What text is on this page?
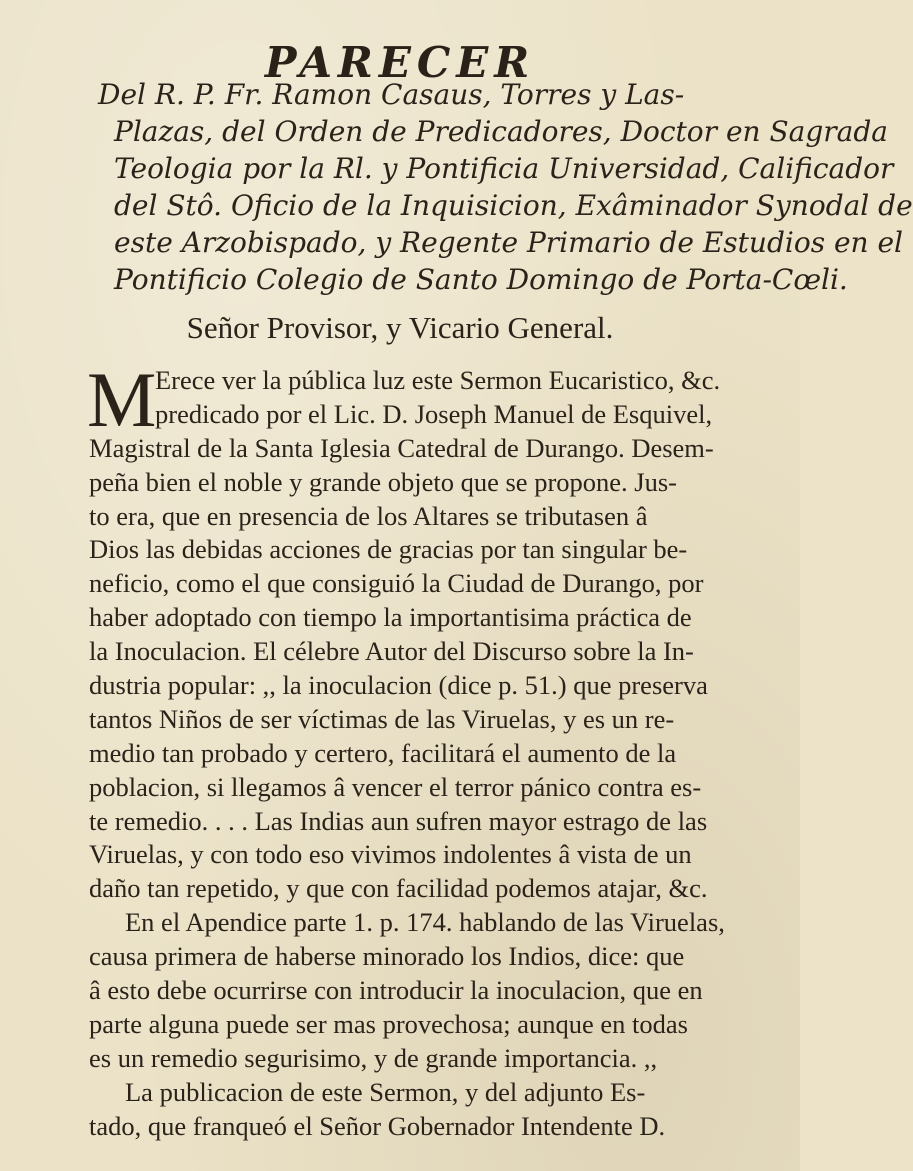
PARECER
Del R. P. Fr. Ramon Casaus, Torres y Las-
Plazas, del Orden de Predicadores, Doctor en Sagrada
Teologia por la Rl. y Pontificia Universidad, Calificador
del Stô. Oficio de la Inquisicion, Exâminador Synodal de
este Arzobispado, y Regente Primario de Estudios en el
Pontificio Colegio de Santo Domingo de Porta-Cœli.
Señor Provisor, y Vicario General.
M
Erece ver la pública luz este Sermon Eucaristico, &c.
predicado por el Lic. D. Joseph Manuel de Esquivel,
Magistral de la Santa Iglesia Catedral de Durango. Desem-
peña bien el noble y grande objeto que se propone. Jus-
to era, que en presencia de los Altares se tributasen â
Dios las debidas acciones de gracias por tan singular be-
neficio, como el que consiguió la Ciudad de Durango, por
haber adoptado con tiempo la importantisima práctica de
la Inoculacion. El célebre Autor del Discurso sobre la In-
dustria popular: ,, la inoculacion (dice p. 51.) que preserva
tantos Niños de ser víctimas de las Viruelas, y es un re-
medio tan probado y certero, facilitará el aumento de la
poblacion, si llegamos â vencer el terror pánico contra es-
te remedio. . . . Las Indias aun sufren mayor estrago de las
Viruelas, y con todo eso vivimos indolentes â vista de un
daño tan repetido, y que con facilidad podemos atajar, &c.
En el Apendice parte 1. p. 174. hablando de las Viruelas,
causa primera de haberse minorado los Indios, dice: que
â esto debe ocurrirse con introducir la inoculacion, que en
parte alguna puede ser mas provechosa; aunque en todas
es un remedio segurisimo, y de grande importancia. ,,
La publicacion de este Sermon, y del adjunto Es-
tado, que franqueó el Señor Gobernador Intendente D.
